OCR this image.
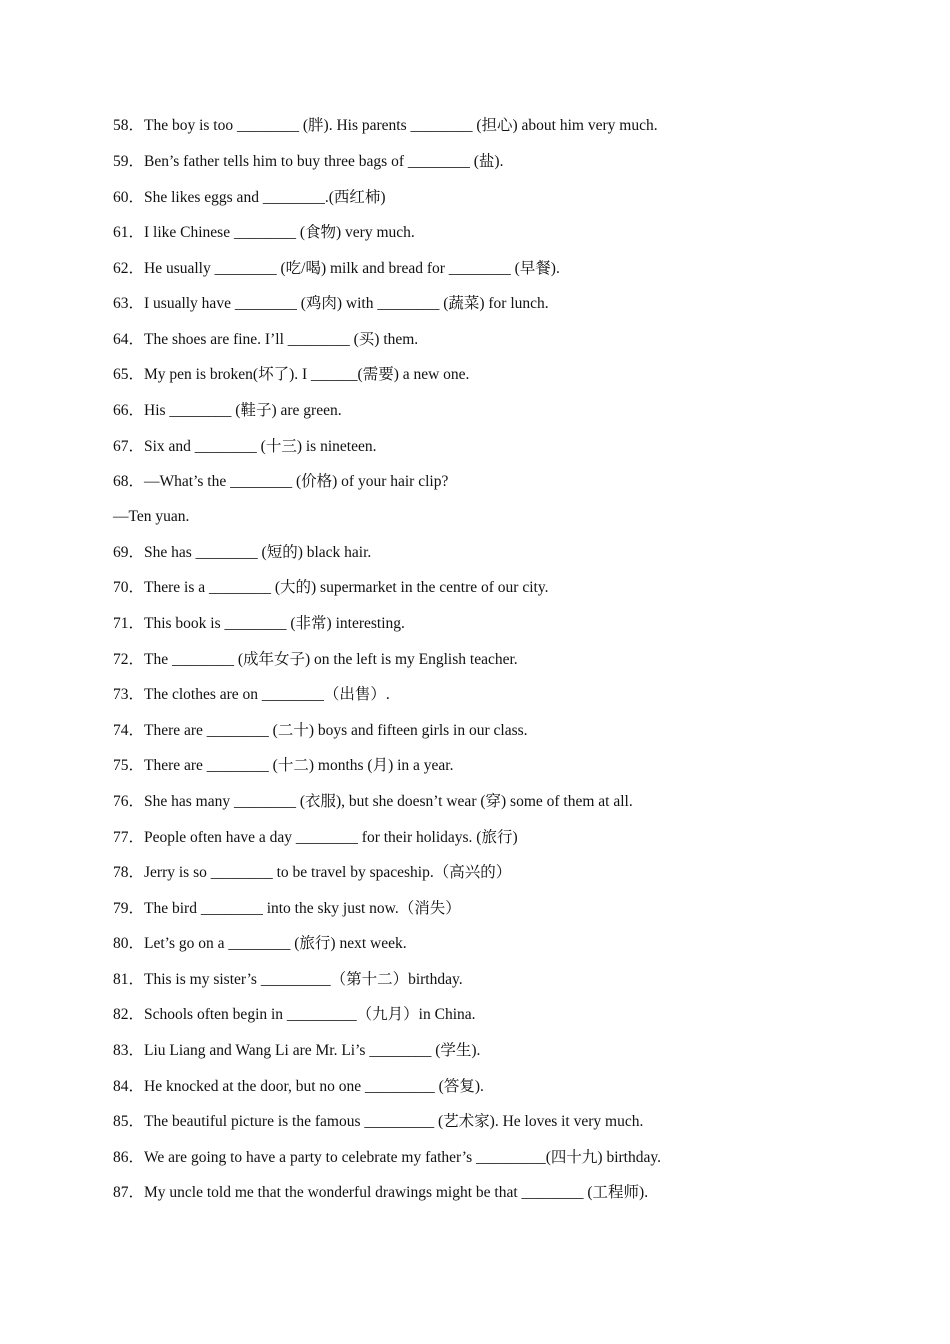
58．The boy is too ________ (胖). His parents ________ (担心) about him very much.
59．Ben’s father tells him to buy three bags of ________ (盐).
60．She likes eggs and ________.(西红柿)
61．I like Chinese ________ (食物) very much.
62．He usually ________ (吃/喝) milk and bread for ________ (早餐).
63．I usually have ________ (鸡肉) with ________ (蔬菜) for lunch.
64．The shoes are fine. I’ll ________ (买) them.
65．My pen is broken(坏了). I ______(需要) a new one.
66．His ________ (鞋子) are green.
67．Six and ________ (十三) is nineteen.
68．—What’s the ________ (价格) of your hair clip?
—Ten yuan.
69．She has ________ (短的) black hair.
70．There is a ________ (大的) supermarket in the centre of our city.
71．This book is ________ (非常) interesting.
72．The ________ (成年女子) on the left is my English teacher.
73．The clothes are on ________（出售）.
74．There are ________ (二十) boys and fifteen girls in our class.
75．There are ________ (十二) months (月) in a year.
76．She has many ________ (衣服), but she doesn’t wear (穿) some of them at all.
77．People often have a day ________ for their holidays. (旅行)
78．Jerry is so ________ to be travel by spaceship.（高兴的）
79．The bird ________ into the sky just now.（消失）
80．Let’s go on a ________ (旅行) next week.
81．This is my sister’s _________（第十二）birthday.
82．Schools often begin in _________（九月）in China.
83．Liu Liang and Wang Li are Mr. Li’s ________ (学生).
84．He knocked at the door, but no one _________ (答复).
85．The beautiful picture is the famous _________ (艺术家). He loves it very much.
86．We are going to have a party to celebrate my father’s _________(四十九) birthday.
87．My uncle told me that the wonderful drawings might be that ________ (工程师).
